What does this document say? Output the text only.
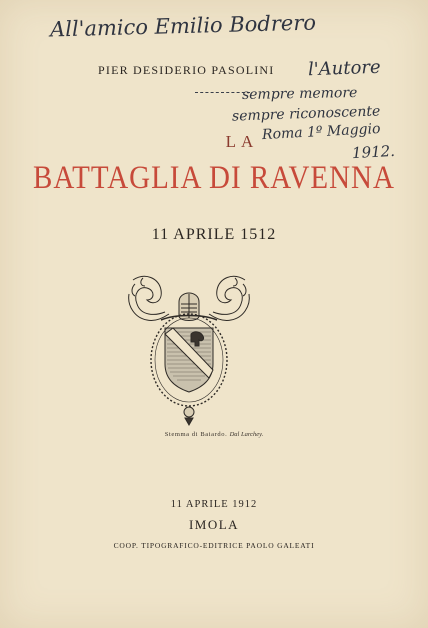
All'amico Emilio Bodrero
l'Autore
sempre memore
sempre riconoscente
Roma 1º Maggio
1912.
PIER DESIDERIO PASOLINI
LA
BATTAGLIA DI RAVENNA
11 APRILE 1512
Stemma di Baiardo. Dal Larchey.
11 APRILE 1912
IMOLA
COOP. TIPOGRAFICO-EDITRICE PAOLO GALEATI
